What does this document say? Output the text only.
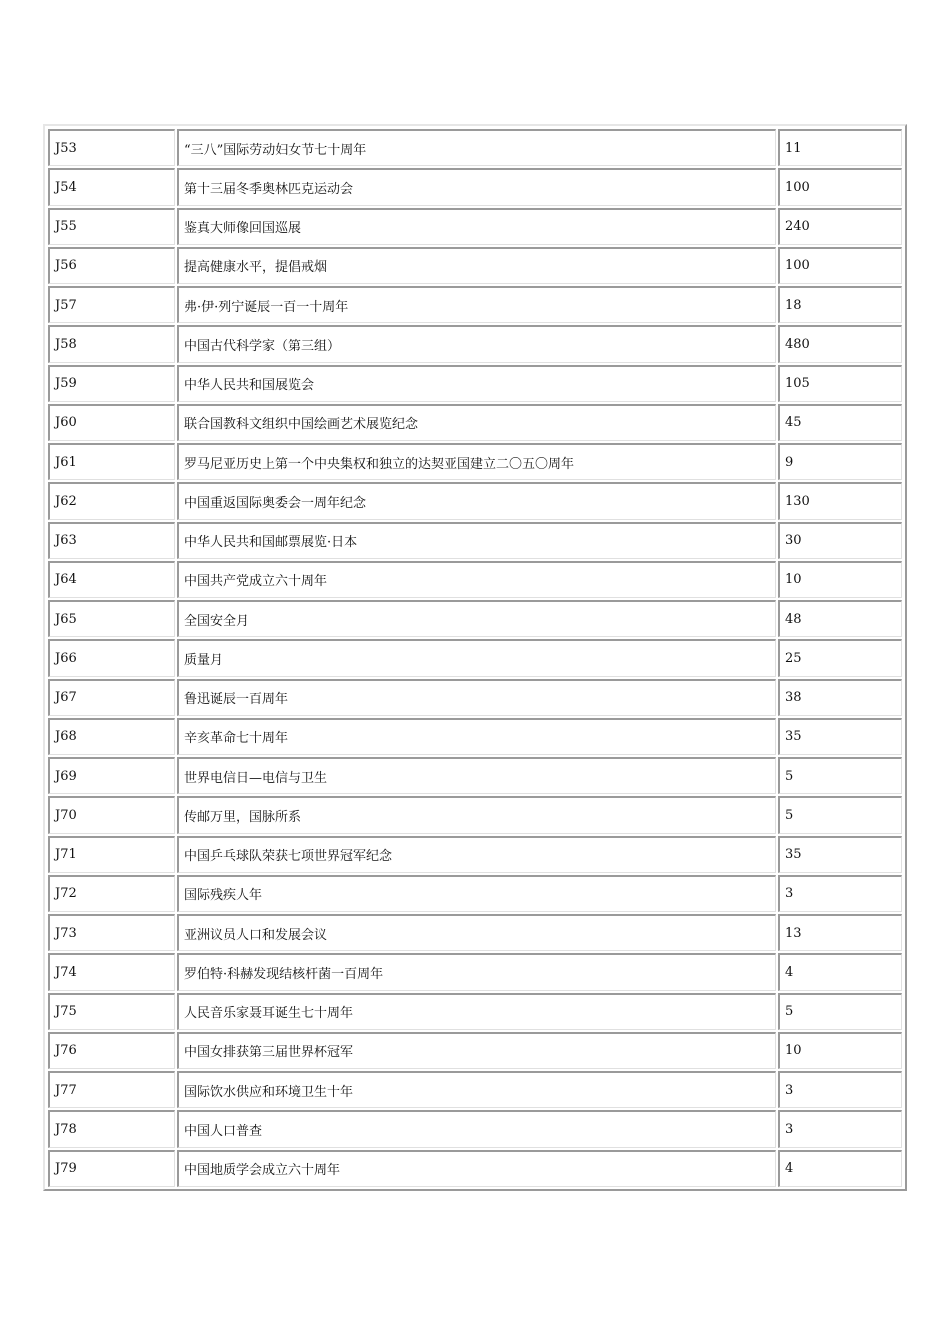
J53	“三八”国际劳动妇女节七十周年	11
J54	第十三届冬季奥林匹克运动会	100
J55	鉴真大师像回国巡展	240
J56	提高健康水平，提倡戒烟	100
J57	弗·伊·列宁诞辰一百一十周年	18
J58	中国古代科学家（第三组）	480
J59	中华人民共和国展览会	105
J60	联合国教科文组织中国绘画艺术展览纪念	45
J61	罗马尼亚历史上第一个中央集权和独立的达契亚国建立二〇五〇周年	9
J62	中国重返国际奥委会一周年纪念	130
J63	中华人民共和国邮票展览·日本	30
J64	中国共产党成立六十周年	10
J65	全国安全月	48
J66	质量月	25
J67	鲁迅诞辰一百周年	38
J68	辛亥革命七十周年	35
J69	世界电信日—电信与卫生	5
J70	传邮万里，国脉所系	5
J71	中国乒乓球队荣获七项世界冠军纪念	35
J72	国际残疾人年	3
J73	亚洲议员人口和发展会议	13
J74	罗伯特·科赫发现结核杆菌一百周年	4
J75	人民音乐家聂耳诞生七十周年	5
J76	中国女排获第三届世界杯冠军	10
J77	国际饮水供应和环境卫生十年	3
J78	中国人口普查	3
J79	中国地质学会成立六十周年	4
